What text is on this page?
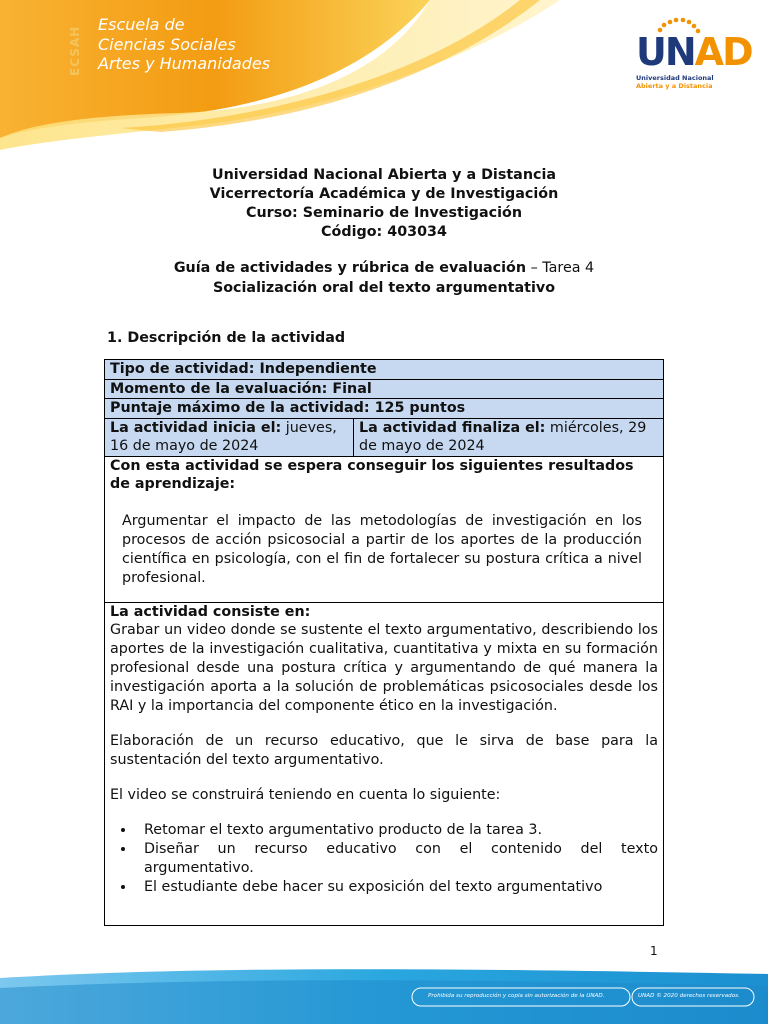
ECSAH
Escuela de
Ciencias Sociales
Artes y Humanidades	UNAD
Universidad Nacional
Abierta y a Distancia
Universidad Nacional Abierta y a Distancia
Vicerrectoría Académica y de Investigación
Curso: Seminario de Investigación
Código: 403034
Guía de actividades y rúbrica de evaluación – Tarea 4
Socialización oral del texto argumentativo
1. Descripción de la actividad
Tipo de actividad: Independiente
Momento de la evaluación: Final
Puntaje máximo de la actividad: 125 puntos
La actividad inicia el: jueves, 16 de mayo de 2024	La actividad finaliza el: miércoles, 29 de mayo de 2024

Con esta actividad se espera conseguir los siguientes resultados de aprendizaje:
Argumentar el impacto de las metodologías de investigación en los procesos de acción psicosocial a partir de los aportes de la producción científica en psicología, con el fin de fortalecer su postura crítica a nivel profesional.

La actividad consiste en:
Grabar un video donde se sustente el texto argumentativo, describiendo los aportes de la investigación cualitativa, cuantitativa y mixta en su formación profesional desde una postura crítica y argumentando de qué manera la investigación aporta a la solución de problemáticas psicosociales desde los RAI y la importancia del componente ético en la investigación.
Elaboración de un recurso educativo, que le sirva de base para la sustentación del texto argumentativo.
El video se construirá teniendo en cuenta lo siguiente:
• Retomar el texto argumentativo producto de la tarea 3.
• Diseñar un recurso educativo con el contenido del texto argumentativo.
• El estudiante debe hacer su exposición del texto argumentativo
1
Prohibida su reproducción y copia sin autorización de la UNAD.	UNAD © 2020 derechos reservados.
